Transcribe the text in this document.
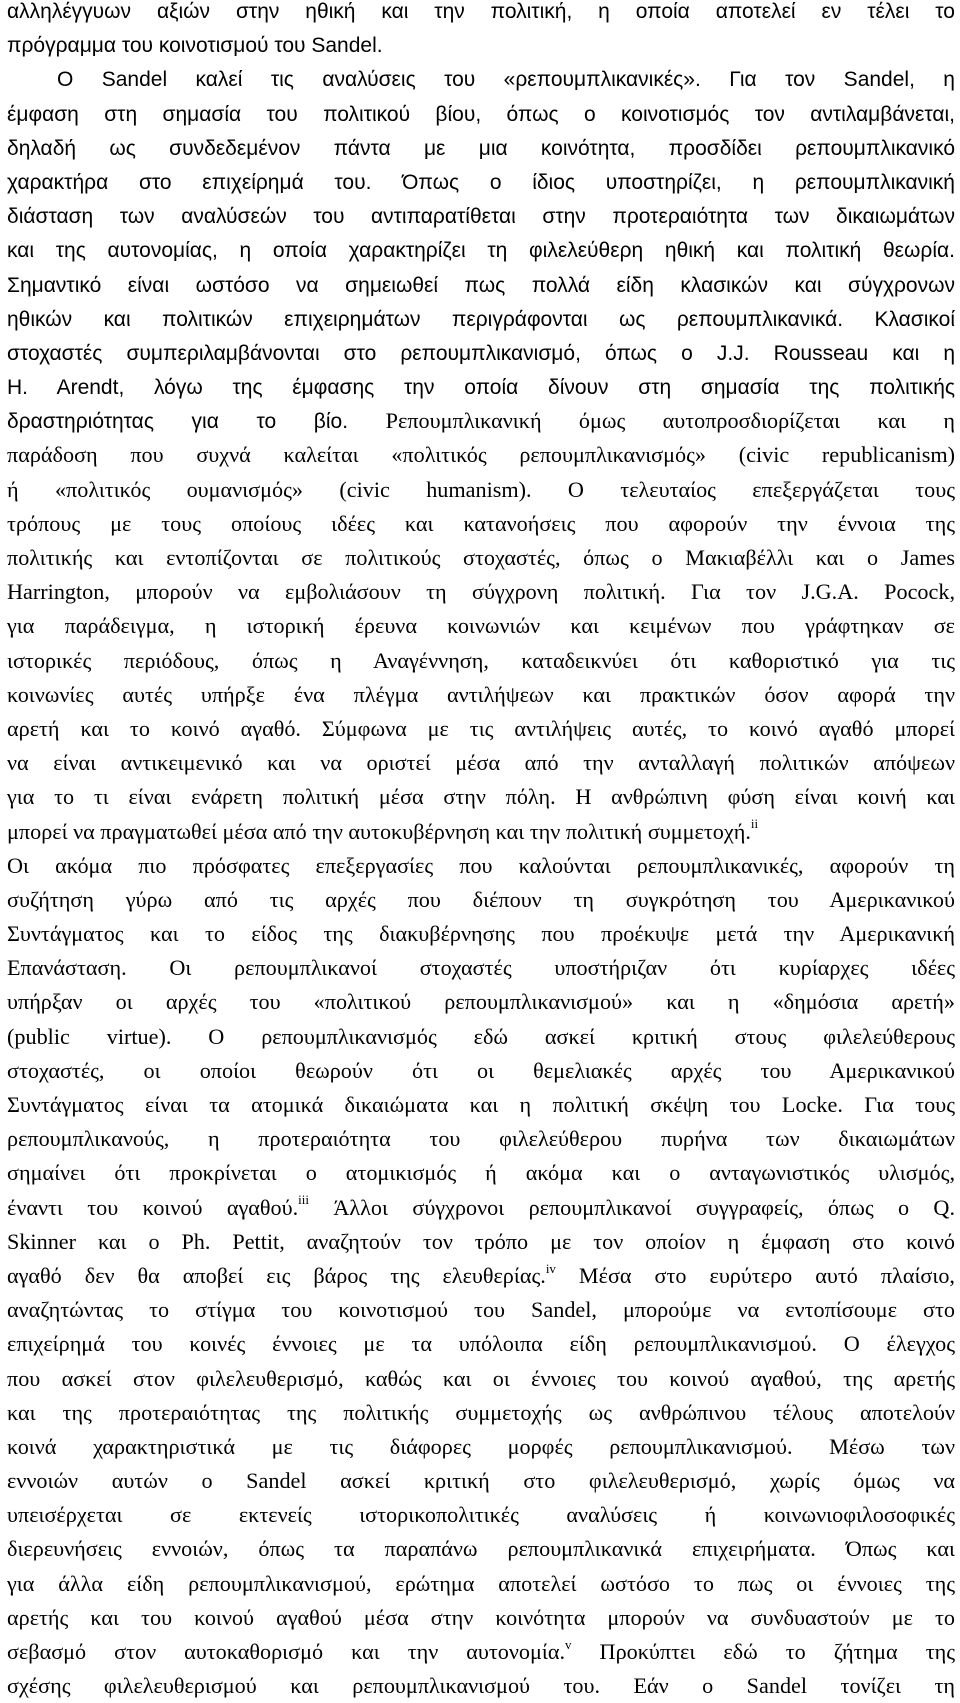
αλληλέγγυων αξιών στην ηθική και την πολιτική, η οποία αποτελεί εν τέλει το
πρόγραμμα του κοινοτισμού του Sandel.
Ο Sandel καλεί τις αναλύσεις του «ρεπουμπλικανικές». Για τον Sandel, η
έμφαση στη σημασία του πολιτικού βίου, όπως ο κοινοτισμός τον αντιλαμβάνεται,
δηλαδή ως συνδεδεμένον πάντα με μια κοινότητα, προσδίδει ρεπουμπλικανικό
χαρακτήρα στο επιχείρημά του. Όπως ο ίδιος υποστηρίζει, η ρεπουμπλικανική
διάσταση των αναλύσεών του αντιπαρατίθεται στην προτεραιότητα των δικαιωμάτων
και της αυτονομίας, η οποία χαρακτηρίζει τη φιλελεύθερη ηθική και πολιτική θεωρία.
Σημαντικό είναι ωστόσο να σημειωθεί πως πολλά είδη κλασικών και σύγχρονων
ηθικών και πολιτικών επιχειρημάτων περιγράφονται ως ρεπουμπλικανικά. Κλασικοί
στοχαστές συμπεριλαμβάνονται στο ρεπουμπλικανισμό, όπως ο J.J. Rousseau και η
H. Arendt, λόγω της έμφασης την οποία δίνουν στη σημασία της πολιτικής
δραστηριότητας για το βίο. Ρεπουμπλικανική όμως αυτοπροσδιορίζεται και η
παράδοση που συχνά καλείται «πολιτικός ρεπουμπλικανισμός» (civic republicanism)
ή «πολιτικός ουμανισμός» (civic humanism). Ο τελευταίος επεξεργάζεται τους
τρόπους με τους οποίους ιδέες και κατανοήσεις που αφορούν την έννοια της
πολιτικής και εντοπίζονται σε πολιτικούς στοχαστές, όπως ο Μακιαβέλλι και ο James
Harrington, μπορούν να εμβολιάσουν τη σύγχρονη πολιτική. Για τον J.G.A. Pocock,
για παράδειγμα, η ιστορική έρευνα κοινωνιών και κειμένων που γράφτηκαν σε
ιστορικές περιόδους, όπως η Αναγέννηση, καταδεικνύει ότι καθοριστικό για τις
κοινωνίες αυτές υπήρξε ένα πλέγμα αντιλήψεων και πρακτικών όσον αφορά την
αρετή και το κοινό αγαθό. Σύμφωνα με τις αντιλήψεις αυτές, το κοινό αγαθό μπορεί
να είναι αντικειμενικό και να οριστεί μέσα από την ανταλλαγή πολιτικών απόψεων
για το τι είναι ενάρετη πολιτική μέσα στην πόλη. Η ανθρώπινη φύση είναι κοινή και
μπορεί να πραγματωθεί μέσα από την αυτοκυβέρνηση και την πολιτική συμμετοχή.$^{ii}$
Οι ακόμα πιο πρόσφατες επεξεργασίες που καλούνται ρεπουμπλικανικές, αφορούν τη
συζήτηση γύρω από τις αρχές που διέπουν τη συγκρότηση του Αμερικανικού
Συντάγματος και το είδος της διακυβέρνησης που προέκυψε μετά την Αμερικανική
Επανάσταση. Οι ρεπουμπλικανοί στοχαστές υποστήριζαν ότι κυρίαρχες ιδέες
υπήρξαν οι αρχές του «πολιτικού ρεπουμπλικανισμού» και η «δημόσια αρετή»
(public virtue). Ο ρεπουμπλικανισμός εδώ ασκεί κριτική στους φιλελεύθερους
στοχαστές, οι οποίοι θεωρούν ότι οι θεμελιακές αρχές του Αμερικανικού
Συντάγματος είναι τα ατομικά δικαιώματα και η πολιτική σκέψη του Locke. Για τους
ρεπουμπλικανούς, η προτεραιότητα του φιλελεύθερου πυρήνα των δικαιωμάτων
σημαίνει ότι προκρίνεται ο ατομικισμός ή ακόμα και ο ανταγωνιστικός υλισμός,
έναντι του κοινού αγαθού.$^{iii}$ Άλλοι σύγχρονοι ρεπουμπλικανοί συγγραφείς, όπως ο Q.
Skinner και ο Ph. Pettit, αναζητούν τον τρόπο με τον οποίον η έμφαση στο κοινό
αγαθό δεν θα αποβεί εις βάρος της ελευθερίας.$^{iv}$ Μέσα στο ευρύτερο αυτό πλαίσιο,
αναζητώντας το στίγμα του κοινοτισμού του Sandel, μπορούμε να εντοπίσουμε στο
επιχείρημά του κοινές έννοιες με τα υπόλοιπα είδη ρεπουμπλικανισμού. Ο έλεγχος
που ασκεί στον φιλελευθερισμό, καθώς και οι έννοιες του κοινού αγαθού, της αρετής
και της προτεραιότητας της πολιτικής συμμετοχής ως ανθρώπινου τέλους αποτελούν
κοινά χαρακτηριστικά με τις διάφορες μορφές ρεπουμπλικανισμού. Μέσω των
εννοιών αυτών ο Sandel ασκεί κριτική στο φιλελευθερισμό, χωρίς όμως να
υπεισέρχεται σε εκτενείς ιστορικοπολιτικές αναλύσεις ή κοινωνιοφιλοσοφικές
διερευνήσεις εννοιών, όπως τα παραπάνω ρεπουμπλικανικά επιχειρήματα. Όπως και
για άλλα είδη ρεπουμπλικανισμού, ερώτημα αποτελεί ωστόσο το πως οι έννοιες της
αρετής και του κοινού αγαθού μέσα στην κοινότητα μπορούν να συνδυαστούν με το
σεβασμό στον αυτοκαθορισμό και την αυτονομία.$^v$ Προκύπτει εδώ το ζήτημα της
σχέσης φιλελευθερισμού και ρεπουμπλικανισμού του. Εάν ο Sandel τονίζει τη
